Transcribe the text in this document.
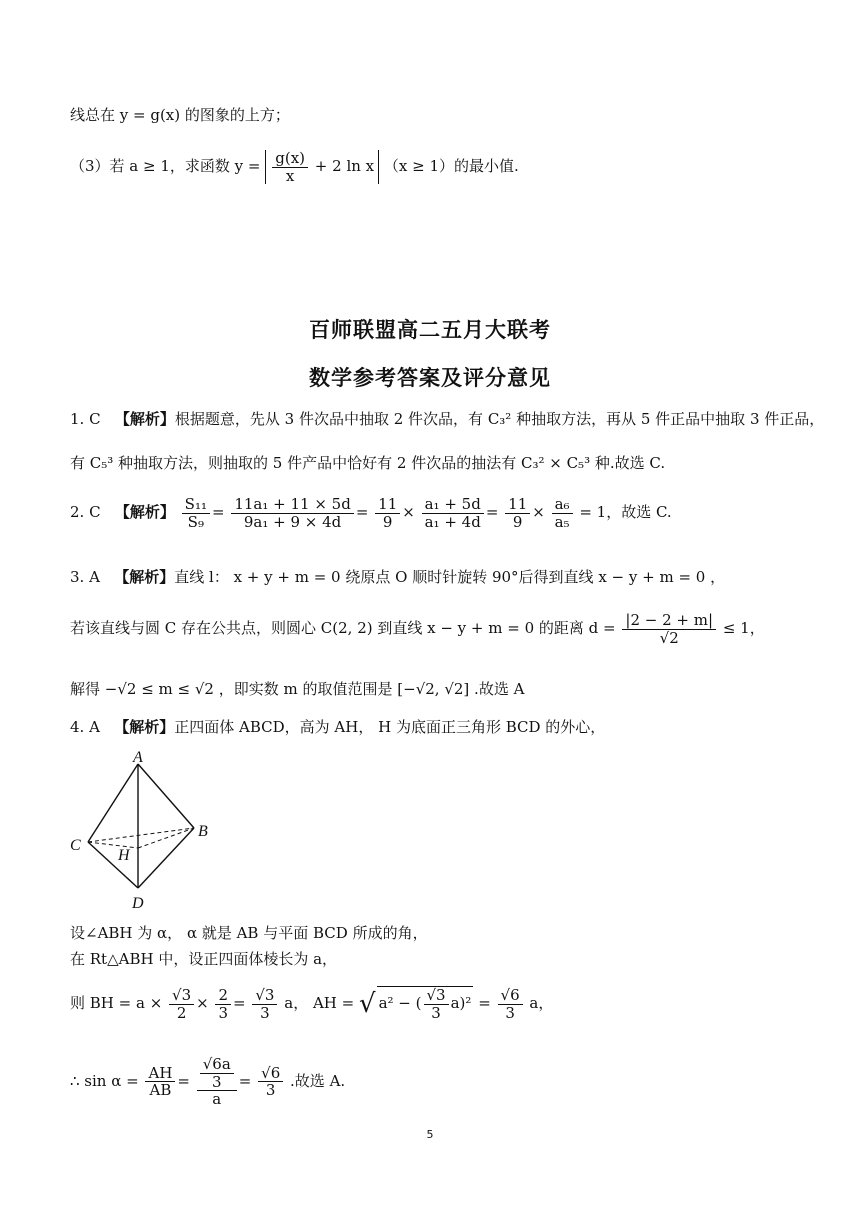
线总在 y = g(x) 的图象的上方；
（3）若 a ≥ 1，求函数 $y = \frac{g(x)}{x} + 2$ ln x （x ≥ 1）的最小值.
百师联盟高二五月大联考
数学参考答案及评分意见
1. C 【解析】根据题意，先从 3 件次品中抽取 2 件次品，有 C₃² 种抽取方法，再从 5 件正品中抽取 3 件正品，
有 C₅³ 种抽取方法，则抽取的 5 件产品中恰好有 2 件次品的抽法有 C₃² × C₅³ 种.故选 C.
2. C 【解析】 $\frac{\text{S₁₁}}{\text{S₉}} = \frac{\text{11a₁ + 11 × 5d}}{\text{9a₁ + 9 × 4d}} = \frac{11}{9} \times \frac{\text{a₁ + 5d}}{\text{a₁ + 4d}} = \frac{11}{9} \times \frac{\text{a₆}}{\text{a₅}} = 1$，故选 C.
3. A 【解析】直线 l： x + y + m = 0 绕原点 O 顺时针旋转 90°后得到直线 x − y + m = 0 ，
若该直线与圆 C 存在公共点，则圆心 C(2, 2) 到直线 x − y + m = 0 的距离 $d = \frac{|2 - 2 + m|}{√2} \le 1$，
解得 −√2 ≤ m ≤ √2 ，即实数 m 的取值范围是 [−√2, √2] .故选 A
4. A 【解析】正四面体 ABCD，高为 AH， H 为底面正三角形 BCD 的外心，
A
B
C
D
H
设∠ABH 为 α， α 就是 AB 与平面 BCD 所成的角，
在 Rt△ABH 中，设正四面体棱长为 a，
则 BH = $a \times \frac{√3}{2} \times \frac{2}{3} = \frac{√3}{3}$ a， AH = √ a² − ( $\frac{√3}{3} a)^2 = \frac{√6}{3}$ a，
∴ $\sin \alpha = \frac{AH}{AB} = \frac{\frac{√6a}{3}}{a} = \frac{√6}{3}$ .故选 A.
5
